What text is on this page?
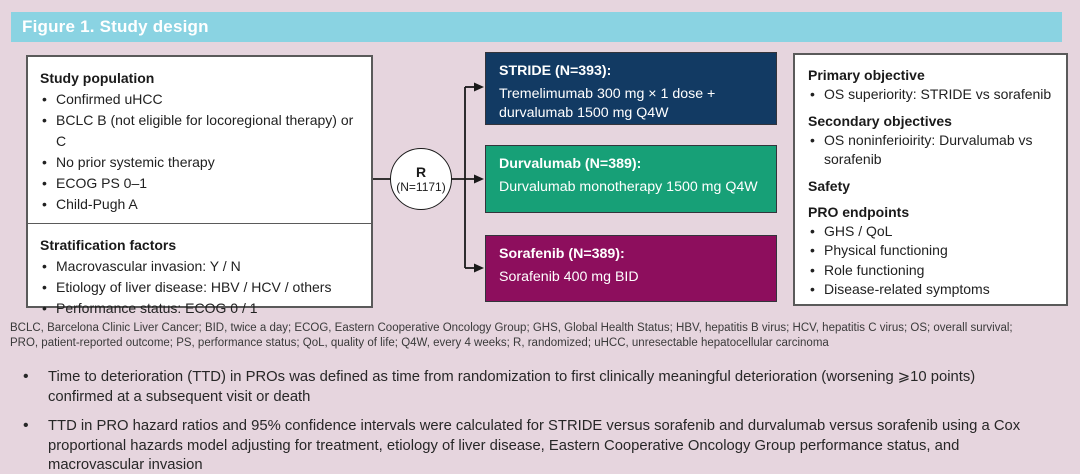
Figure 1. Study design
Study population
• Confirmed uHCC
• BCLC B (not eligible for locoregional therapy) or C
• No prior systemic therapy
• ECOG PS 0–1
• Child-Pugh A
Stratification factors
• Macrovascular invasion: Y / N
• Etiology of liver disease: HBV / HCV / others
• Performance status: ECOG 0 / 1
R
(N=1171)
STRIDE (N=393):
Tremelimumab 300 mg × 1 dose + durvalumab 1500 mg Q4W
Durvalumab (N=389):
Durvalumab monotherapy 1500 mg Q4W
Sorafenib (N=389):
Sorafenib 400 mg BID
Primary objective
• OS superiority: STRIDE vs sorafenib
Secondary objectives
• OS noninferioirity: Durvalumab vs sorafenib
Safety
PRO endpoints
• GHS / QoL
• Physical functioning
• Role functioning
• Disease-related symptoms
BCLC, Barcelona Clinic Liver Cancer; BID, twice a day; ECOG, Eastern Cooperative Oncology Group; GHS, Global Health Status; HBV, hepatitis B virus; HCV, hepatitis C virus; OS; overall survival;
PRO, patient-reported outcome; PS, performance status; QoL, quality of life; Q4W, every 4 weeks; R, randomized; uHCC, unresectable hepatocellular carcinoma
• Time to deterioration (TTD) in PROs was defined as time from randomization to first clinically meaningful deterioration (worsening ⩾10 points) confirmed at a subsequent visit or death
• TTD in PRO hazard ratios and 95% confidence intervals were calculated for STRIDE versus sorafenib and durvalumab versus sorafenib using a Cox proportional hazards model adjusting for treatment, etiology of liver disease, Eastern Cooperative Oncology Group performance status, and macrovascular invasion
